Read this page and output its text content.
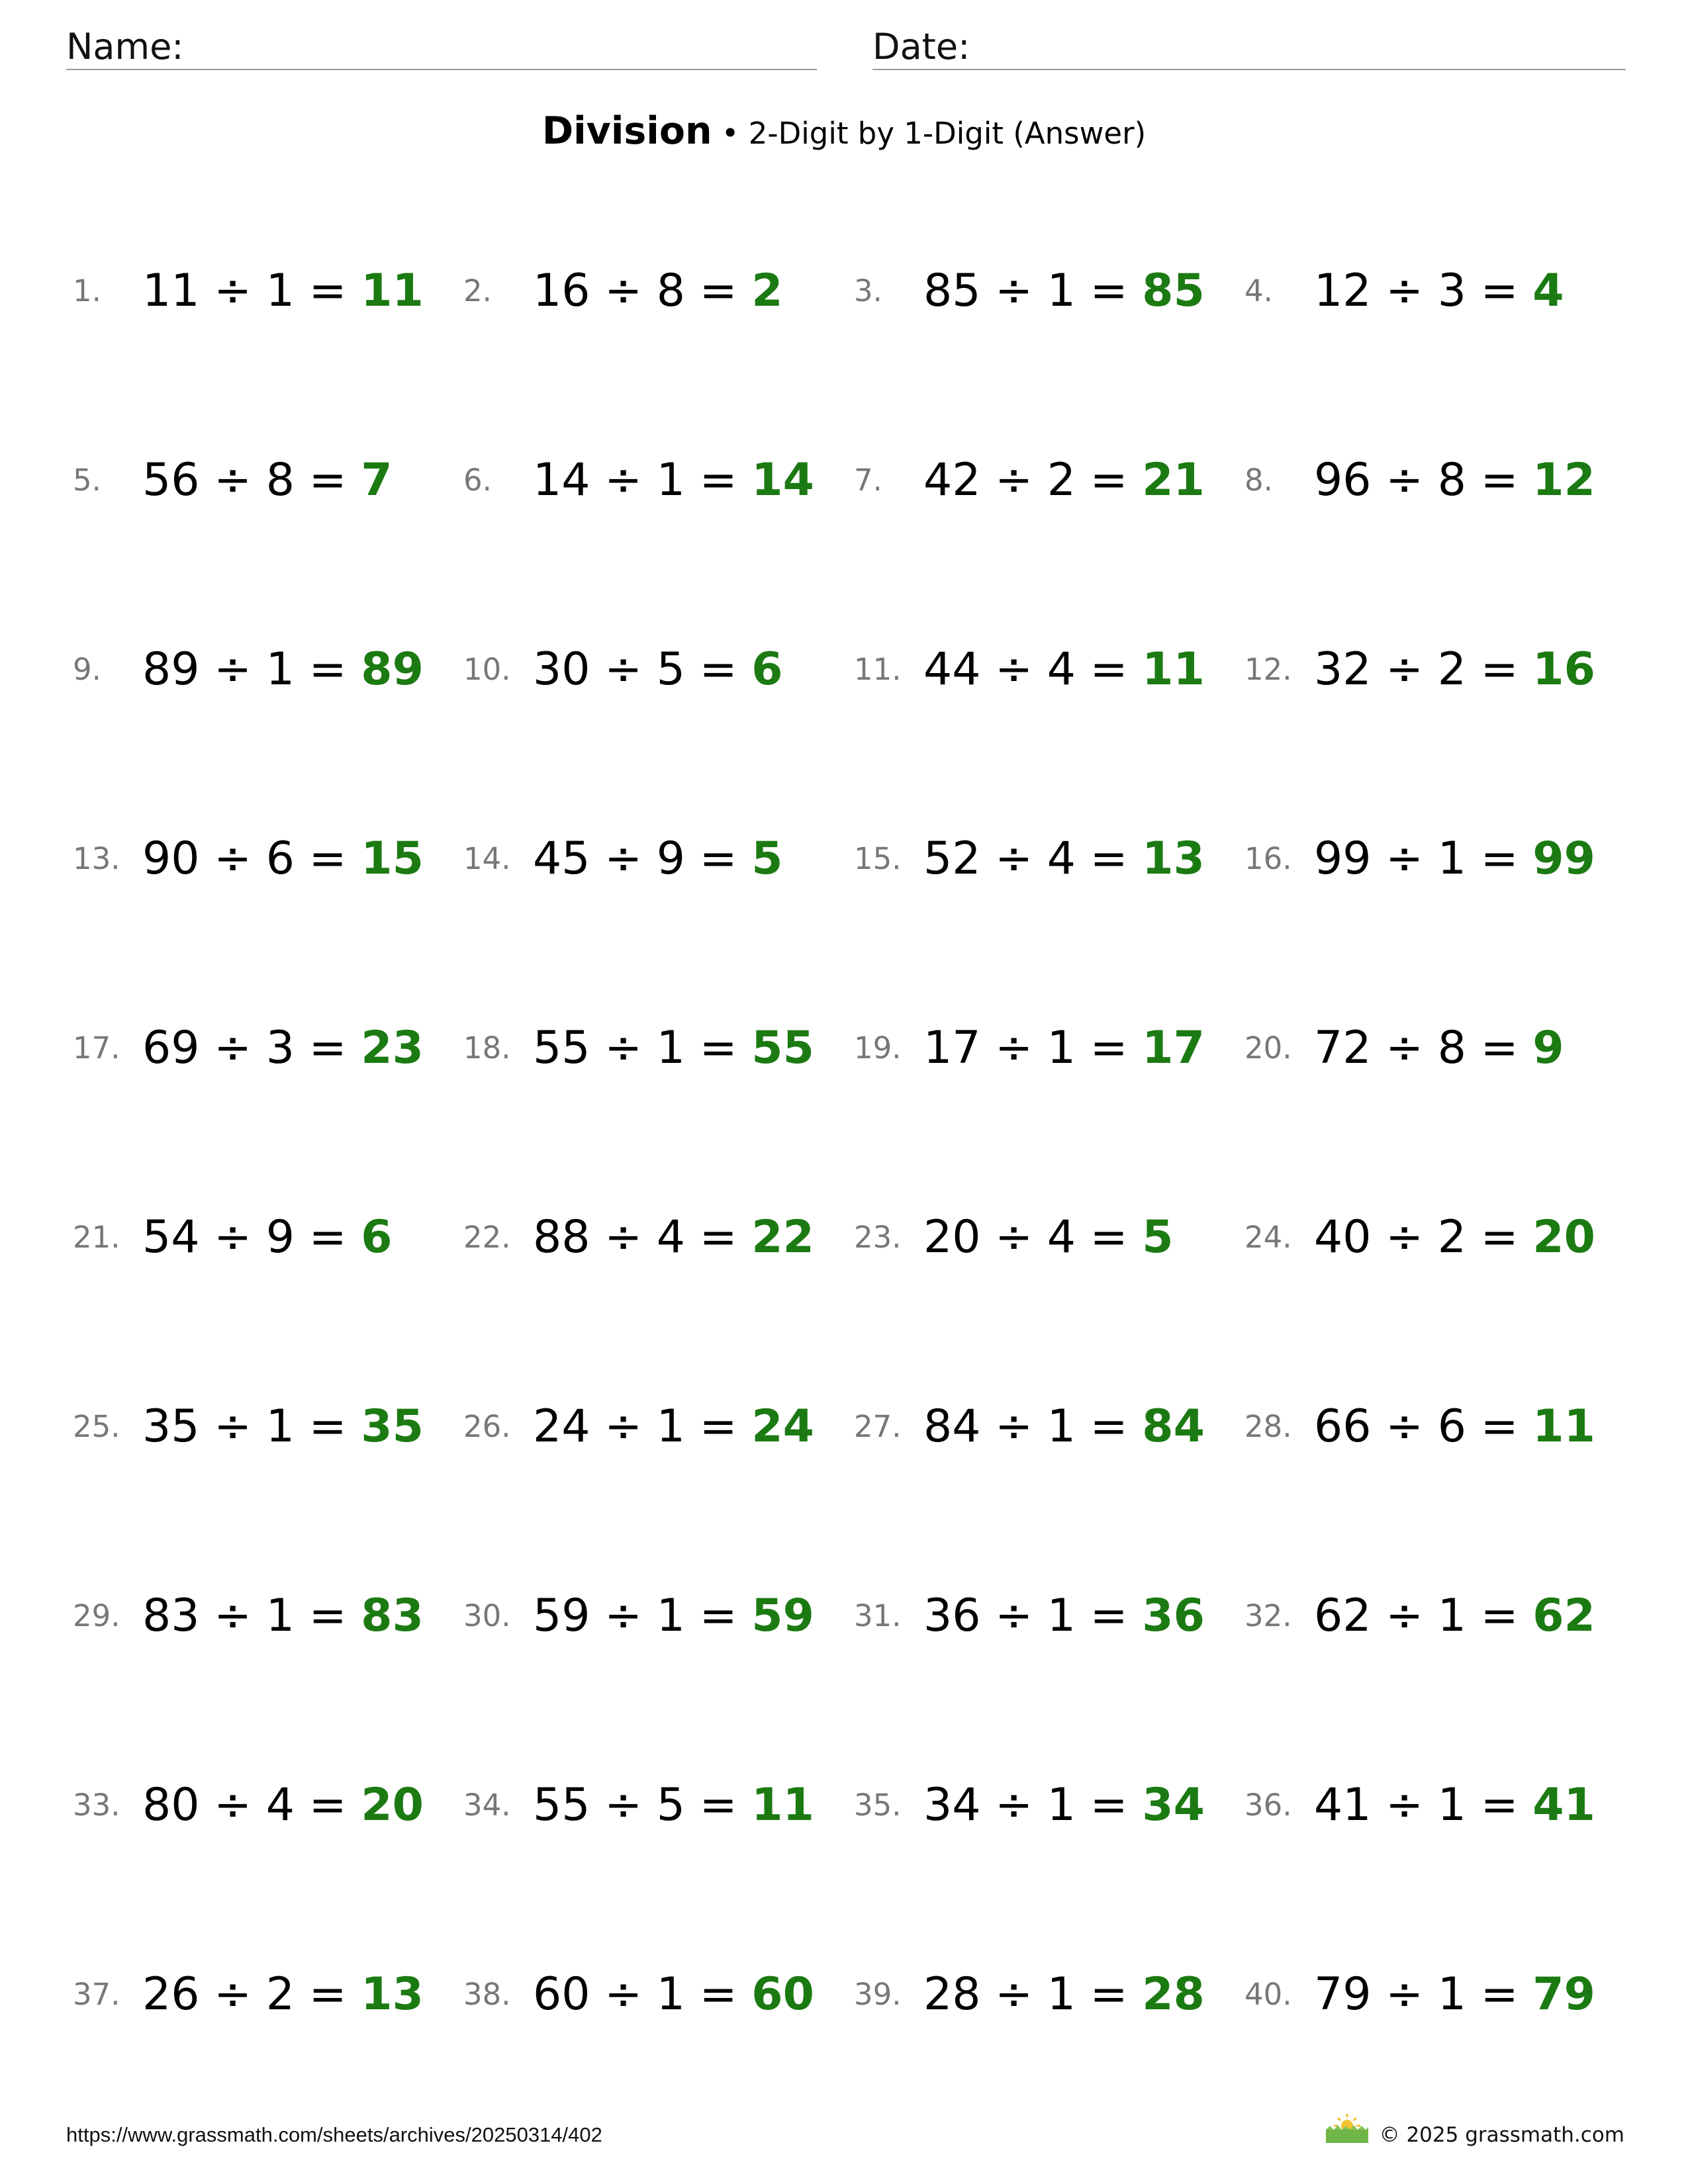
Name:	Date:
Division • 2-Digit by 1-Digit (Answer)
1. 11 ÷ 1 = 11 2. 16 ÷ 8 = 2 3. 85 ÷ 1 = 85 4. 12 ÷ 3 = 4
5. 56 ÷ 8 = 7 6. 14 ÷ 1 = 14 7. 42 ÷ 2 = 21 8. 96 ÷ 8 = 12
9. 89 ÷ 1 = 89 10. 30 ÷ 5 = 6 11. 44 ÷ 4 = 11 12. 32 ÷ 2 = 16
13. 90 ÷ 6 = 15 14. 45 ÷ 9 = 5 15. 52 ÷ 4 = 13 16. 99 ÷ 1 = 99
17. 69 ÷ 3 = 23 18. 55 ÷ 1 = 55 19. 17 ÷ 1 = 17 20. 72 ÷ 8 = 9
21. 54 ÷ 9 = 6 22. 88 ÷ 4 = 22 23. 20 ÷ 4 = 5 24. 40 ÷ 2 = 20
25. 35 ÷ 1 = 35 26. 24 ÷ 1 = 24 27. 84 ÷ 1 = 84 28. 66 ÷ 6 = 11
29. 83 ÷ 1 = 83 30. 59 ÷ 1 = 59 31. 36 ÷ 1 = 36 32. 62 ÷ 1 = 62
33. 80 ÷ 4 = 20 34. 55 ÷ 5 = 11 35. 34 ÷ 1 = 34 36. 41 ÷ 1 = 41
37. 26 ÷ 2 = 13 38. 60 ÷ 1 = 60 39. 28 ÷ 1 = 28 40. 79 ÷ 1 = 79
https://www.grassmath.com/sheets/archives/20250314/402	© 2025 grassmath.com
